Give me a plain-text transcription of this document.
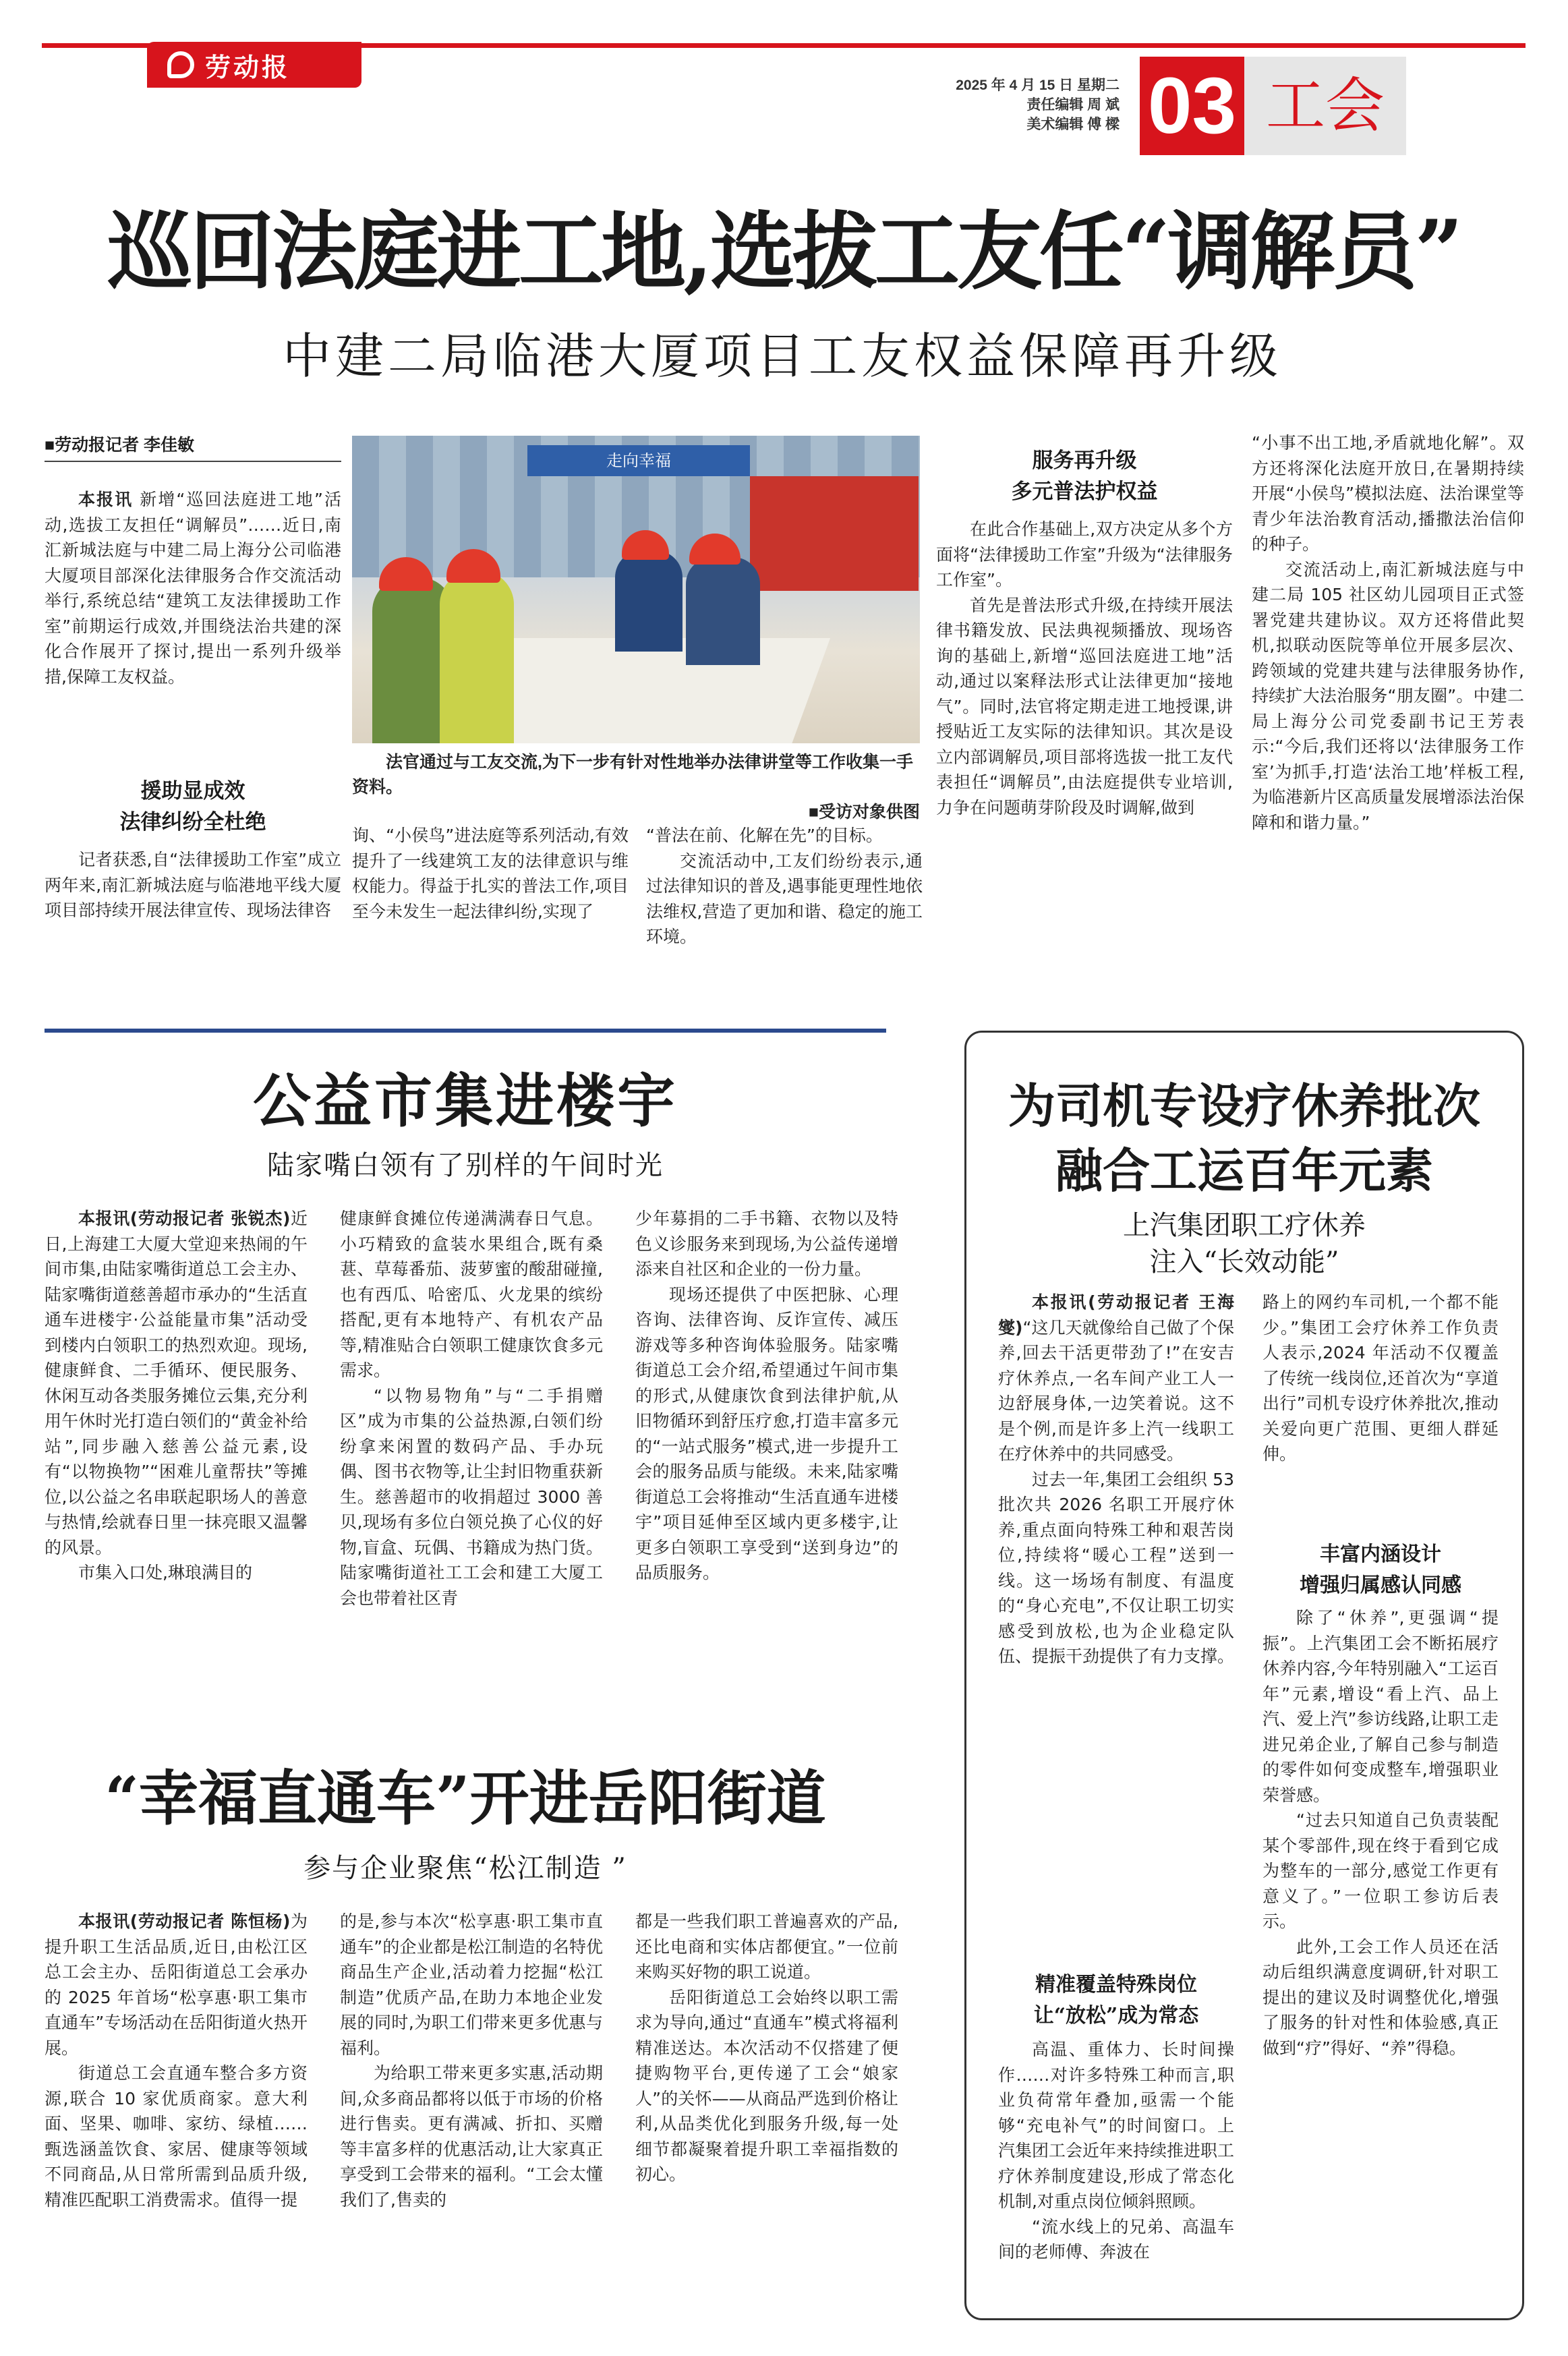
劳动报
2025 年 4 月 15 日 星期二
责任编辑 周 斌
美术编辑 傅 樑 03 工会
巡回法庭进工地,选拔工友任“调解员”
中建二局临港大厦项目工友权益保障再升级
■劳动报记者 李佳敏
本报讯 新增“巡回法庭进工地”活动,选拔工友担任“调解员”……近日,南汇新城法庭与中建二局上海分公司临港大厦项目部深化法律服务合作交流活动举行,系统总结“建筑工友法律援助工作室”前期运行成效,并围绕法治共建的深化合作展开了探讨,提出一系列升级举措,保障工友权益。
援助显成效
法律纠纷全杜绝
记者获悉,自“法律援助工作室”成立两年来,南汇新城法庭与临港地平线大厦项目部持续开展法律宣传、现场法律咨
走向幸福
法官通过与工友交流,为下一步有针对性地举办法律讲堂等工作收集一手资料。
■受访对象供图
询、“小侯鸟”进法庭等系列活动,有效提升了一线建筑工友的法律意识与维权能力。得益于扎实的普法工作,项目至今未发生一起法律纠纷,实现了
“普法在前、化解在先”的目标。
交流活动中,工友们纷纷表示,通过法律知识的普及,遇事能更理性地依法维权,营造了更加和谐、稳定的施工环境。
服务再升级
多元普法护权益
在此合作基础上,双方决定从多个方面将“法律援助工作室”升级为“法律服务工作室”。
首先是普法形式升级,在持续开展法律书籍发放、民法典视频播放、现场咨询的基础上,新增“巡回法庭进工地”活动,通过以案释法形式让法律更加“接地气”。同时,法官将定期走进工地授课,讲授贴近工友实际的法律知识。其次是设立内部调解员,项目部将选拔一批工友代表担任“调解员”,由法庭提供专业培训,力争在问题萌芽阶段及时调解,做到
“小事不出工地,矛盾就地化解”。双方还将深化法庭开放日,在暑期持续开展“小侯鸟”模拟法庭、法治课堂等青少年法治教育活动,播撒法治信仰的种子。
交流活动上,南汇新城法庭与中建二局 105 社区幼儿园项目正式签署党建共建协议。双方还将借此契机,拟联动医院等单位开展多层次、跨领域的党建共建与法律服务协作,持续扩大法治服务“朋友圈”。中建二局上海分公司党委副书记王芳表示:“今后,我们还将以‘法律服务工作室’为抓手,打造‘法治工地’样板工程,为临港新片区高质量发展增添法治保障和和谐力量。”
公益市集进楼宇
陆家嘴白领有了别样的午间时光
本报讯(劳动报记者 张锐杰)近日,上海建工大厦大堂迎来热闹的午间市集,由陆家嘴街道总工会主办、陆家嘴街道慈善超市承办的“生活直通车进楼宇·公益能量市集”活动受到楼内白领职工的热烈欢迎。现场,健康鲜食、二手循环、便民服务、休闲互动各类服务摊位云集,充分利用午休时光打造白领们的“黄金补给站”,同步融入慈善公益元素,设有“以物换物”“困难儿童帮扶”等摊位,以公益之名串联起职场人的善意与热情,绘就春日里一抹亮眼又温馨的风景。
市集入口处,琳琅满目的
健康鲜食摊位传递满满春日气息。小巧精致的盒装水果组合,既有桑葚、草莓番茄、菠萝蜜的酸甜碰撞,也有西瓜、哈密瓜、火龙果的缤纷搭配,更有本地特产、有机农产品等,精准贴合白领职工健康饮食多元需求。
“以物易物角”与“二手捐赠区”成为市集的公益热源,白领们纷纷拿来闲置的数码产品、手办玩偶、图书衣物等,让尘封旧物重获新生。慈善超市的收捐超过 3000 善贝,现场有多位白领兑换了心仪的好物,盲盒、玩偶、书籍成为热门货。陆家嘴街道社工工会和建工大厦工会也带着社区青
少年募捐的二手书籍、衣物以及特色义诊服务来到现场,为公益传递增添来自社区和企业的一份力量。
现场还提供了中医把脉、心理咨询、法律咨询、反诈宣传、减压游戏等多种咨询体验服务。陆家嘴街道总工会介绍,希望通过午间市集的形式,从健康饮食到法律护航,从旧物循环到舒压疗愈,打造丰富多元的“一站式服务”模式,进一步提升工会的服务品质与能级。未来,陆家嘴街道总工会将推动“生活直通车进楼宇”项目延伸至区域内更多楼宇,让更多白领职工享受到“送到身边”的品质服务。
“幸福直通车”开进岳阳街道
参与企业聚焦“松江制造 ”
本报讯(劳动报记者 陈恒杨)为提升职工生活品质,近日,由松江区总工会主办、岳阳街道总工会承办的 2025 年首场“松享惠·职工集市直通车”专场活动在岳阳街道火热开展。
街道总工会直通车整合多方资源,联合 10 家优质商家。意大利面、坚果、咖啡、家纺、绿植……甄选涵盖饮食、家居、健康等领域不同商品,从日常所需到品质升级,精准匹配职工消费需求。值得一提
的是,参与本次“松享惠·职工集市直通车”的企业都是松江制造的名特优商品生产企业,活动着力挖掘“松江制造”优质产品,在助力本地企业发展的同时,为职工们带来更多优惠与福利。
为给职工带来更多实惠,活动期间,众多商品都将以低于市场的价格进行售卖。更有满减、折扣、买赠等丰富多样的优惠活动,让大家真正享受到工会带来的福利。“工会太懂我们了,售卖的
都是一些我们职工普遍喜欢的产品,还比电商和实体店都便宜。”一位前来购买好物的职工说道。
岳阳街道总工会始终以职工需求为导向,通过“直通车”模式将福利精准送达。本次活动不仅搭建了便捷购物平台,更传递了工会“娘家人”的关怀——从商品严选到价格让利,从品类优化到服务升级,每一处细节都凝聚着提升职工幸福指数的初心。
为司机专设疗休养批次
融合工运百年元素
上汽集团职工疗休养
注入“长效动能”
本报讯(劳动报记者 王海燮)“这几天就像给自己做了个保养,回去干活更带劲了!”在安吉疗休养点,一名车间产业工人一边舒展身体,一边笑着说。这不是个例,而是许多上汽一线职工在疗休养中的共同感受。
过去一年,集团工会组织 53 批次共 2026 名职工开展疗休养,重点面向特殊工种和艰苦岗位,持续将“暖心工程”送到一线。这一场场有制度、有温度的“身心充电”,不仅让职工切实感受到放松,也为企业稳定队伍、提振干劲提供了有力支撑。
精准覆盖特殊岗位
让“放松”成为常态
高温、重体力、长时间操作……对许多特殊工种而言,职业负荷常年叠加,亟需一个能够“充电补气”的时间窗口。上汽集团工会近年来持续推进职工疗休养制度建设,形成了常态化机制,对重点岗位倾斜照顾。
“流水线上的兄弟、高温车间的老师傅、奔波在
路上的网约车司机,一个都不能少。”集团工会疗休养工作负责人表示,2024 年活动不仅覆盖了传统一线岗位,还首次为“享道出行”司机专设疗休养批次,推动关爱向更广范围、更细人群延伸。
丰富内涵设计
增强归属感认同感
除了“休养”,更强调“提振”。上汽集团工会不断拓展疗休养内容,今年特别融入“工运百年”元素,增设“看上汽、品上汽、爱上汽”参访线路,让职工走进兄弟企业,了解自己参与制造的零件如何变成整车,增强职业荣誉感。
“过去只知道自己负责装配某个零部件,现在终于看到它成为整车的一部分,感觉工作更有意义了。”一位职工参访后表示。
此外,工会工作人员还在活动后组织满意度调研,针对职工提出的建议及时调整优化,增强了服务的针对性和体验感,真正做到“疗”得好、“养”得稳。
